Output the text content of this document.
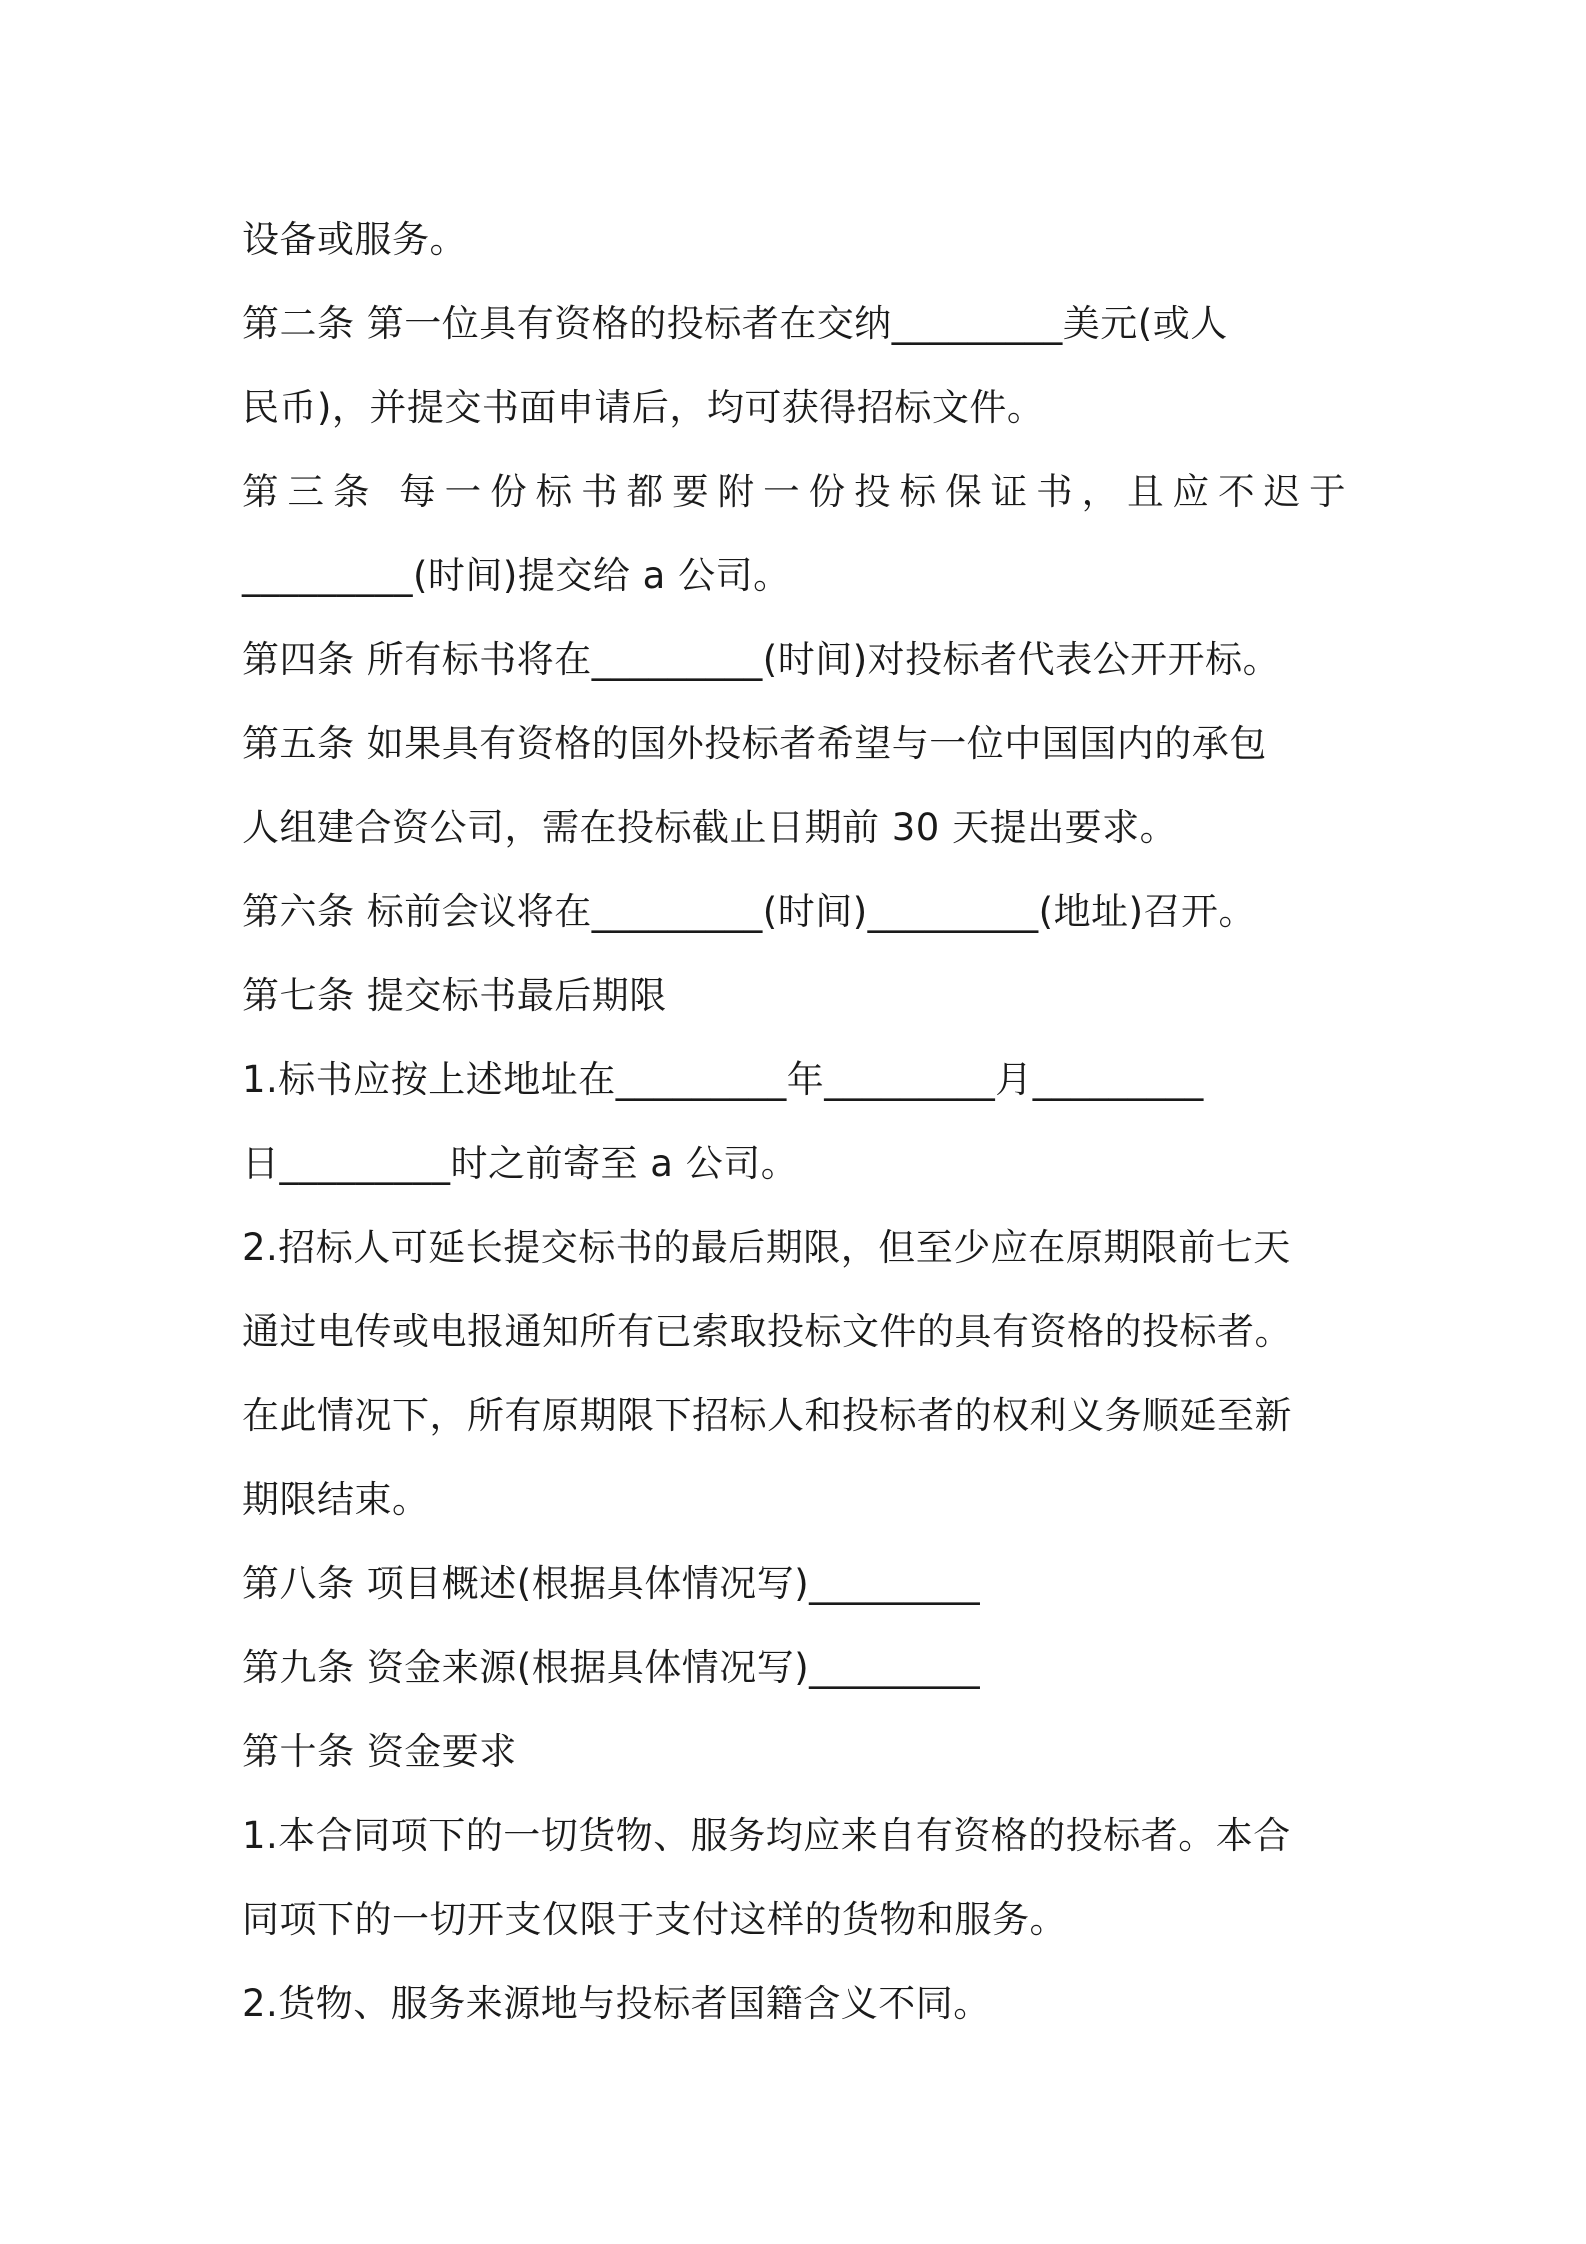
设备或服务。
第二条 第一位具有资格的投标者在交纳_________美元(或人
民币)，并提交书面申请后，均可获得招标文件。
第三条 每一份标书都要附一份投标保证书，且应不迟于
_________(时间)提交给 a 公司。
第四条 所有标书将在_________(时间)对投标者代表公开开标。
第五条 如果具有资格的国外投标者希望与一位中国国内的承包
人组建合资公司，需在投标截止日期前 30 天提出要求。
第六条 标前会议将在_________(时间)_________(地址)召开。
第七条 提交标书最后期限
1.标书应按上述地址在_________年_________月_________
日_________时之前寄至 a 公司。
2.招标人可延长提交标书的最后期限，但至少应在原期限前七天
通过电传或电报通知所有已索取投标文件的具有资格的投标者。
在此情况下，所有原期限下招标人和投标者的权利义务顺延至新
期限结束。
第八条 项目概述(根据具体情况写)_________
第九条 资金来源(根据具体情况写)_________
第十条 资金要求
1.本合同项下的一切货物、服务均应来自有资格的投标者。本合
同项下的一切开支仅限于支付这样的货物和服务。
2.货物、服务来源地与投标者国籍含义不同。
